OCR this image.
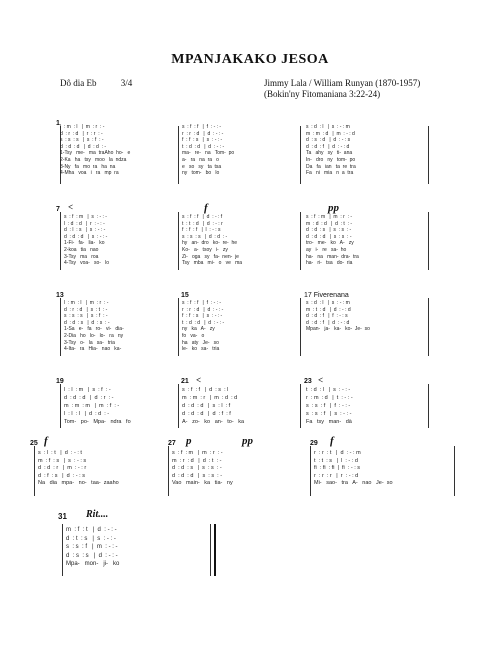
MPANJAKAKO JESOA
Dô dia Eb	3/4	Jimmy Lala / William Runyan (1870-1957)
(Bokin'ny Fitomaniana 3:22-24)
1 l  : m  : l   |  m  : r  : -
d  : r  : d   |  r  : r  : -
s  : s  : s   |  s  : f  : -
d  : d  : d   |  d  : d  : -
1-Tsy   me-   ma  traAho  ho-   e
2-Ka   ha   tsy   moo   la  ndza
3-Ny   fa   mo  ra   ha  na
4-Mha   voa   i   ra   mp  ra
s  : f  : f   |  f  : - : -
r  : r  : d   |  d  : - : -
f  : f  : s   |  s  : - : -
t  : d  : d   |  d  : - : -
ma-   re-   na   Tom-  po
a-   ra   na  ra   o
e   so   sy   ta  tsa
ny   tom-   bo   lo
s  : d  : l   |  s  : - : m
m  : m  : d   |  m  : - : d
d  : s  : d   |  d  : - : s
d  : d  : f   |  d  : - : d
Ta   ahy   sy   ti-  ana
In-   dro   ny   tom-  po
Da   fa   ian   ta  re  tra
Fa   ni   mia   n  a  tra
7 <	f	pp
s  : f  : m   |  s  : - : -
l  : d  : d   |  r  : - : -
d  : l  : s   |  s  : - : -
d  : d  : d   |  s  : - : -
1-Fi-   fa-   lia-   ko
2-koa   tia   nao
3-Tsy   ma   roa
4-Tsy   voa-   so-   lo
s  : f  : f   |  d  : - : f
t  : t  : d   |  d  : - : r
f  : f  : f   |  l  : - : s
s  : s  : s   |  d  : d  : -
hy   an-  dro   ko-  re-  he
Ko-   a-   tsoy   i-   zy
Zi-   oga   sy   fa-  nen-  je
Tsy   mba   mi-   o   ve   ma
s  : f  : m   |  m  : r  : -
m  : d  : d   |  d  : t  : -
d  : d  : s   |  s  : s  : -
d  : d  : d   |  s  : s  : -
tro-   me-   ko   A-   zy
ay   i-   re   sa-  ho
ha-   na   man-  dra-  tra
ha-   ri-   tsa   do-  ria
13	15	17 Fiverenana
l  : m  : l   |  m  : r  : -
d  : r  : d   |  s  : t  : -
s  : s  : s   |  s  : f  : -
d  : d  : s   |  d  : s  : -
1-Sa   e-   fa   ro-   vi-   dia-
2-Dia   ho   lo-   lo-   ra   ny
3-Tsy   o-   la   sa-   tria
4-Ita-   ra   Hia-   nao   ka-
s  : f  : f   |  f  : - : -
r  : r  : d   |  d  : - : -
f  : f  : s   |  s  : - : -
t  : d  : d   |  d  : - : -
ny   ka   A-   zy
fo   va-   o
ha   aty   Je-   so
le-   ko   sa-   tria
s  : d  : l   |  s  : - : m
m  : t  : d   |  d  : - : d
d  : d  : f   |  f  : - : s
d  : d  : f   |  d  : - : d
Mpan-   ja-   ka-   ko-  Je-  so
19	21 <	23 <
l  : l  : m   |  s  : f  : -
d  : d  : d   |  d  : r  : -
m  : m  : m   |  m  : f  : -
l  : l  : l   |  d  : d  : -
Tom-   po-   Mpa-   ndra   fo
s  : f  : f   |  d  : s  : l
m  : m  : r   |  m  : d  : d
d  : d  : d   |  s  : l  : f
d  : d  : d   |  d  : f  : f
A-   zo-   ko   an-   to-   ka
t  : d  : l   |  s  : - : -
r  : m  : d   |  t  : - : -
s  : s  : f   |  f  : - : -
s  : s  : f   |  s  : - : -
Fa   tsy   man-   dà
25 f	27 p	pp	29 f
s  : l  : t   |  d  : - : t
m  : f  : s   |  s  : - : s
d  : d  : r   |  m  : - : r
d  : f  : s   |  d  : - : s
Na   dia   mpa-   no-   taa-  zaaho
s  : f  : m   |  m  : r  : -
m  : r  : d   |  d  : t  : -
d  : d  : s   |  s  : s  : -
d  : d  : d   |  s  : s  : -
Vao   main-   ka   tia-   ny
r  : r  : t   |  d  : - : m
t  : t  : s   |  l  : - : d
fi  : fi  : fi  |  fi  : - : s
r  : r  : r   |  r  : - : d
Mi-   sao-   tra   A-   nao   Je-  so
31 Rit....
m  : f  : t   |  d  : - : -
d  : t  : s   |  s  : - : -
s  : s  : f   |  m  : - : -
d  : s  : s   |  d  : - : -
Mpa-   mon-   ji-   ko
